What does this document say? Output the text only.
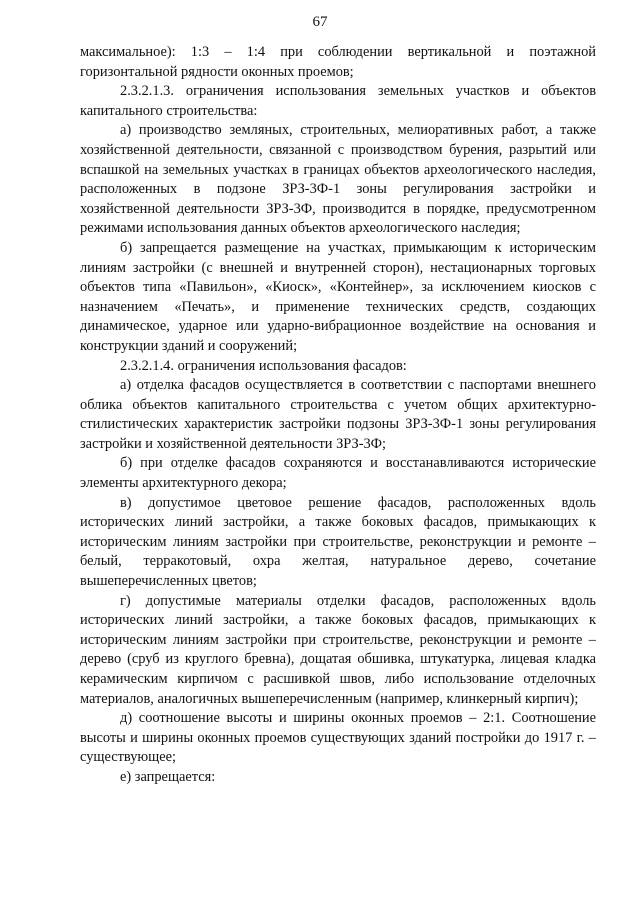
67

максимальное): 1:3 – 1:4 при соблюдении вертикальной и поэтажной горизонтальной рядности оконных проемов;

2.3.2.1.3. ограничения использования земельных участков и объектов капитального строительства:

а) производство земляных, строительных, мелиоративных работ, а также хозяйственной деятельности, связанной с производством бурения, разрытий или вспашкой на земельных участках в границах объектов археологического наследия, расположенных в подзоне ЗРЗ-3Ф-1 зоны регулирования застройки и хозяйственной деятельности ЗРЗ-3Ф, производится в порядке, предусмотренном режимами использования данных объектов археологического наследия;

б) запрещается размещение на участках, примыкающим к историческим линиям застройки (с внешней и внутренней сторон), нестационарных торговых объектов типа «Павильон», «Киоск», «Контейнер», за исключением киосков с назначением «Печать», и применение технических средств, создающих динамическое, ударное или ударно-вибрационное воздействие на основания и конструкции зданий и сооружений;

2.3.2.1.4. ограничения использования фасадов:

а) отделка фасадов осуществляется в соответствии с паспортами внешнего облика объектов капитального строительства с учетом общих архитектурно-стилистических характеристик застройки подзоны ЗРЗ-3Ф-1 зоны регулирования застройки и хозяйственной деятельности ЗРЗ-3Ф;

б) при отделке фасадов сохраняются и восстанавливаются исторические элементы архитектурного декора;

в) допустимое цветовое решение фасадов, расположенных вдоль исторических линий застройки, а также боковых фасадов, примыкающих к историческим линиям застройки при строительстве, реконструкции и ремонте – белый, терракотовый, охра желтая, натуральное дерево, сочетание вышеперечисленных цветов;

г) допустимые материалы отделки фасадов, расположенных вдоль исторических линий застройки, а также боковых фасадов, примыкающих к историческим линиям застройки при строительстве, реконструкции и ремонте – дерево (сруб из круглого бревна), дощатая обшивка, штукатурка, лицевая кладка керамическим кирпичом с расшивкой швов, либо использование отделочных материалов, аналогичных вышеперечисленным (например, клинкерный кирпич);

д) соотношение высоты и ширины оконных проемов – 2:1. Соотношение высоты и ширины оконных проемов существующих зданий постройки до 1917 г. – существующее;

е) запрещается:
